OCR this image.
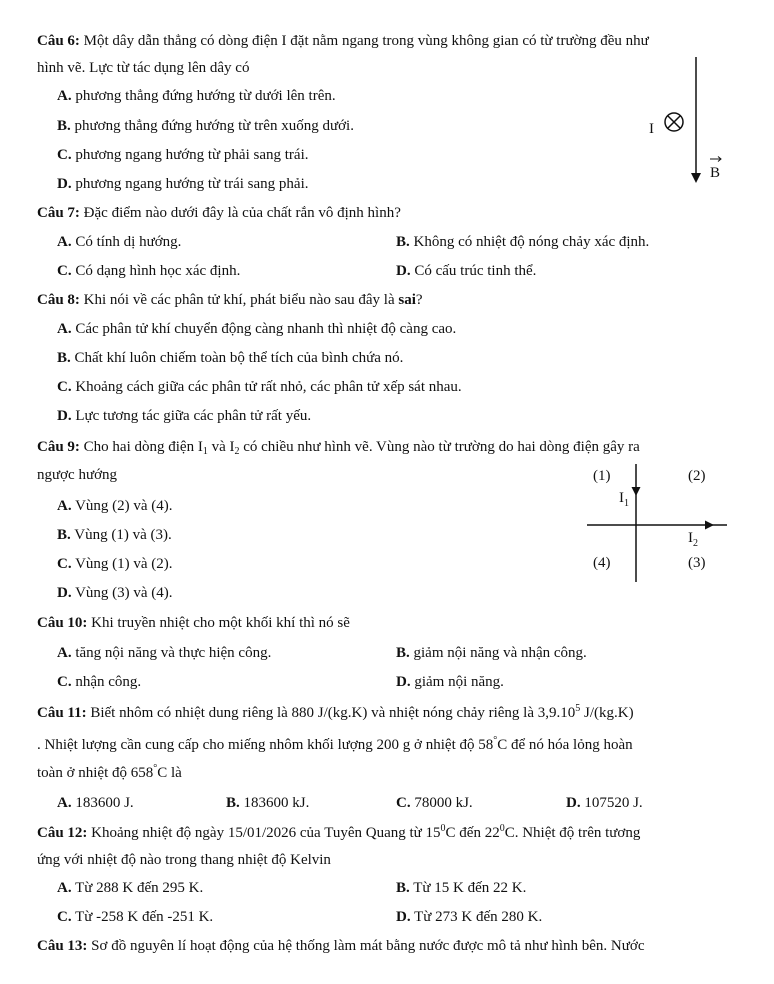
Câu 6: Một dây dẫn thẳng có dòng điện I đặt nằm ngang trong vùng không gian có từ trường đều như
hình vẽ. Lực từ tác dụng lên dây có
A. phương thẳng đứng hướng từ dưới lên trên.
B. phương thẳng đứng hướng từ trên xuống dưới.
C. phương ngang hướng từ phải sang trái.
D. phương ngang hướng từ trái sang phải.
I
B
Câu 7: Đặc điểm nào dưới đây là của chất rắn vô định hình?
A. Có tính dị hướng.	B. Không có nhiệt độ nóng chảy xác định.
C. Có dạng hình học xác định.	D. Có cấu trúc tinh thể.
Câu 8: Khi nói về các phân tử khí, phát biểu nào sau đây là sai?
A. Các phân tử khí chuyển động càng nhanh thì nhiệt độ càng cao.
B. Chất khí luôn chiếm toàn bộ thể tích của bình chứa nó.
C. Khoảng cách giữa các phân tử rất nhỏ, các phân tử xếp sát nhau.
D. Lực tương tác giữa các phân tử rất yếu.
Câu 9: Cho hai dòng điện $I_1$ và $I_2$ có chiều như hình vẽ. Vùng nào từ trường do hai dòng điện gây ra
ngược hướng
A. Vùng (2) và (4).
B. Vùng (1) và (3).
C. Vùng (1) và (2).
D. Vùng (3) và (4).
(1)	(2)
(4)	(3)
$I_1$
$I_2$
Câu 10: Khi truyền nhiệt cho một khối khí thì nó sẽ
A. tăng nội năng và thực hiện công.	B. giảm nội năng và nhận công.
C. nhận công.	D. giảm nội năng.
Câu 11: Biết nhôm có nhiệt dung riêng là 880 J/(kg.K) và nhiệt nóng chảy riêng là 3,9.10$^5$ J/(kg.K)
. Nhiệt lượng cần cung cấp cho miếng nhôm khối lượng 200 g ở nhiệt độ 58°C để nó hóa lỏng hoàn
toàn ở nhiệt độ 658°C là
A. 183600 J.	B. 183600 kJ.	C. 78000 kJ.	D. 107520 J.
Câu 12: Khoảng nhiệt độ ngày 15/01/2026 của Tuyên Quang từ $15^0C$ đến $22^0C$. Nhiệt độ trên tương
ứng với nhiệt độ nào trong thang nhiệt độ Kelvin
A. Từ 288 K đến 295 K.	B. Từ 15 K đến 22 K.
C. Từ -258 K đến -251 K.	D. Từ 273 K đến 280 K.
Câu 13: Sơ đồ nguyên lí hoạt động của hệ thống làm mát bằng nước được mô tả như hình bên. Nước
